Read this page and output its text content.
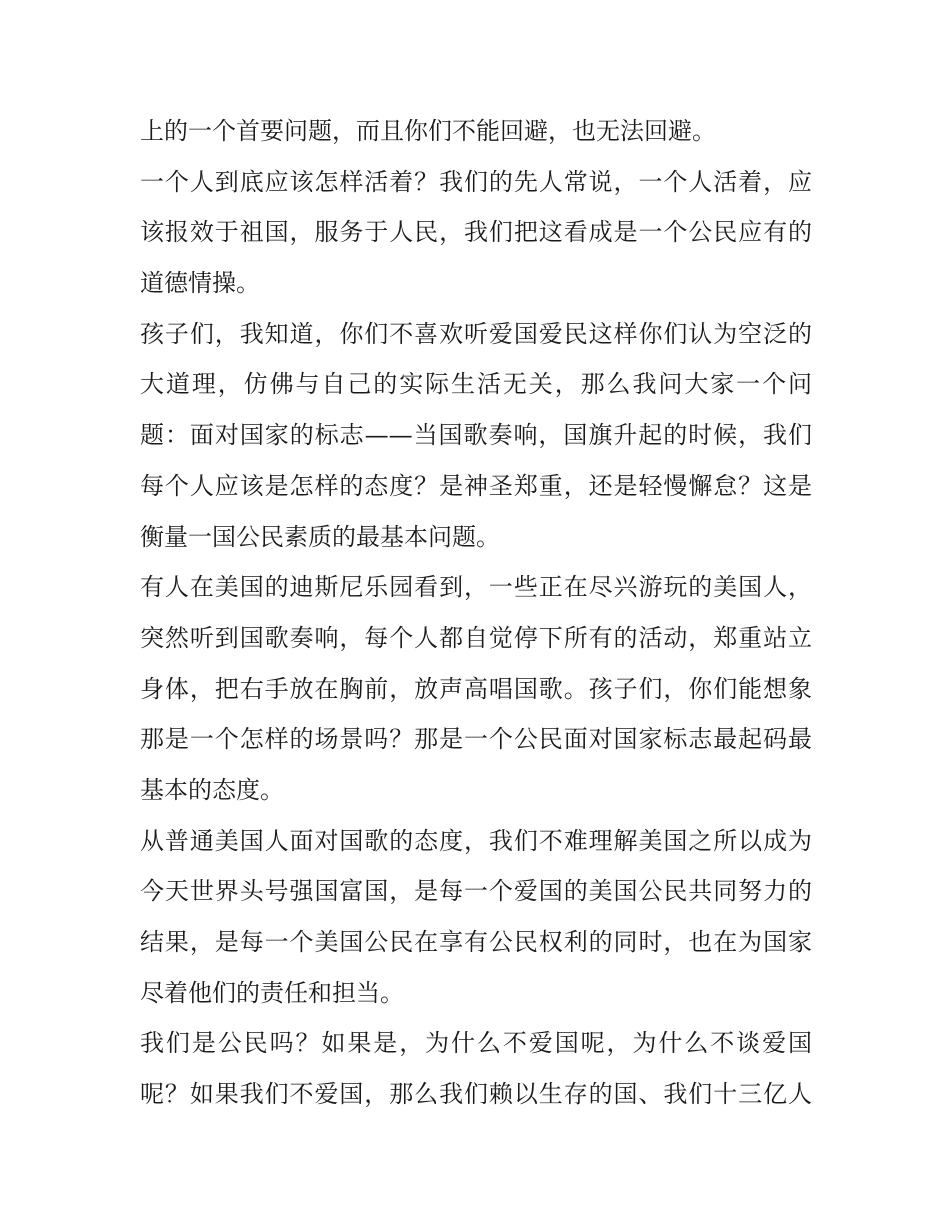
上的一个首要问题，而且你们不能回避，也无法回避。
一个人到底应该怎样活着？我们的先人常说，一个人活着，应
该报效于祖国，服务于人民，我们把这看成是一个公民应有的
道德情操。
孩子们，我知道，你们不喜欢听爱国爱民这样你们认为空泛的
大道理，仿佛与自己的实际生活无关，那么我问大家一个问
题：面对国家的标志——当国歌奏响，国旗升起的时候，我们
每个人应该是怎样的态度？是神圣郑重，还是轻慢懈怠？这是
衡量一国公民素质的最基本问题。
有人在美国的迪斯尼乐园看到，一些正在尽兴游玩的美国人，
突然听到国歌奏响，每个人都自觉停下所有的活动，郑重站立
身体，把右手放在胸前，放声高唱国歌。孩子们，你们能想象
那是一个怎样的场景吗？那是一个公民面对国家标志最起码最
基本的态度。
从普通美国人面对国歌的态度，我们不难理解美国之所以成为
今天世界头号强国富国，是每一个爱国的美国公民共同努力的
结果，是每一个美国公民在享有公民权利的同时，也在为国家
尽着他们的责任和担当。
我们是公民吗？如果是，为什么不爱国呢，为什么不谈爱国
呢？如果我们不爱国，那么我们赖以生存的国、我们十三亿人
